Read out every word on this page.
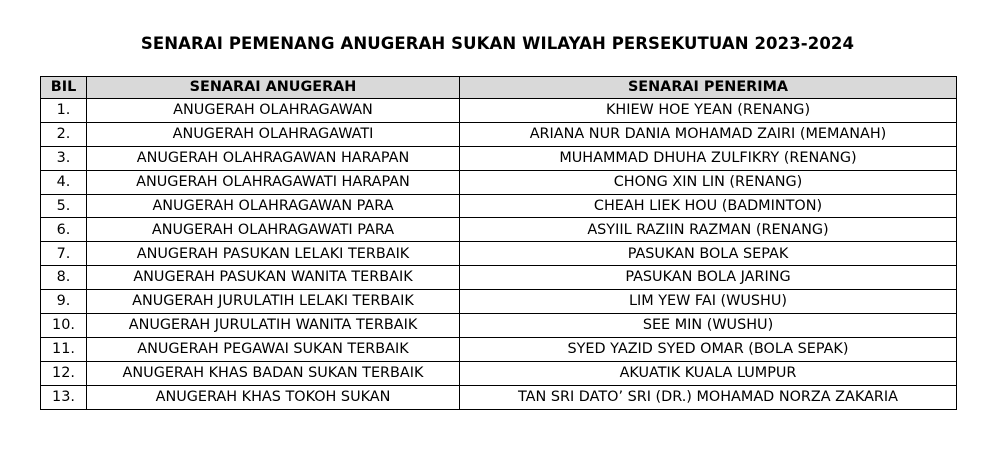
SENARAI PEMENANG ANUGERAH SUKAN WILAYAH PERSEKUTUAN 2023-2024
BIL	SENARAI ANUGERAH	SENARAI PENERIMA
1.	ANUGERAH OLAHRAGAWAN	KHIEW HOE YEAN (RENANG)
2.	ANUGERAH OLAHRAGAWATI	ARIANA NUR DANIA MOHAMAD ZAIRI (MEMANAH)
3.	ANUGERAH OLAHRAGAWAN HARAPAN	MUHAMMAD DHUHA ZULFIKRY (RENANG)
4.	ANUGERAH OLAHRAGAWATI HARAPAN	CHONG XIN LIN (RENANG)
5.	ANUGERAH OLAHRAGAWAN PARA	CHEAH LIEK HOU (BADMINTON)
6.	ANUGERAH OLAHRAGAWATI PARA	ASYIIL RAZIIN RAZMAN (RENANG)
7.	ANUGERAH PASUKAN LELAKI TERBAIK	PASUKAN BOLA SEPAK
8.	ANUGERAH PASUKAN WANITA TERBAIK	PASUKAN BOLA JARING
9.	ANUGERAH JURULATIH LELAKI TERBAIK	LIM YEW FAI (WUSHU)
10.	ANUGERAH JURULATIH WANITA TERBAIK	SEE MIN (WUSHU)
11.	ANUGERAH PEGAWAI SUKAN TERBAIK	SYED YAZID SYED OMAR (BOLA SEPAK)
12.	ANUGERAH KHAS BADAN SUKAN TERBAIK	AKUATIK KUALA LUMPUR
13.	ANUGERAH KHAS TOKOH SUKAN	TAN SRI DATO’ SRI (DR.) MOHAMAD NORZA ZAKARIA
